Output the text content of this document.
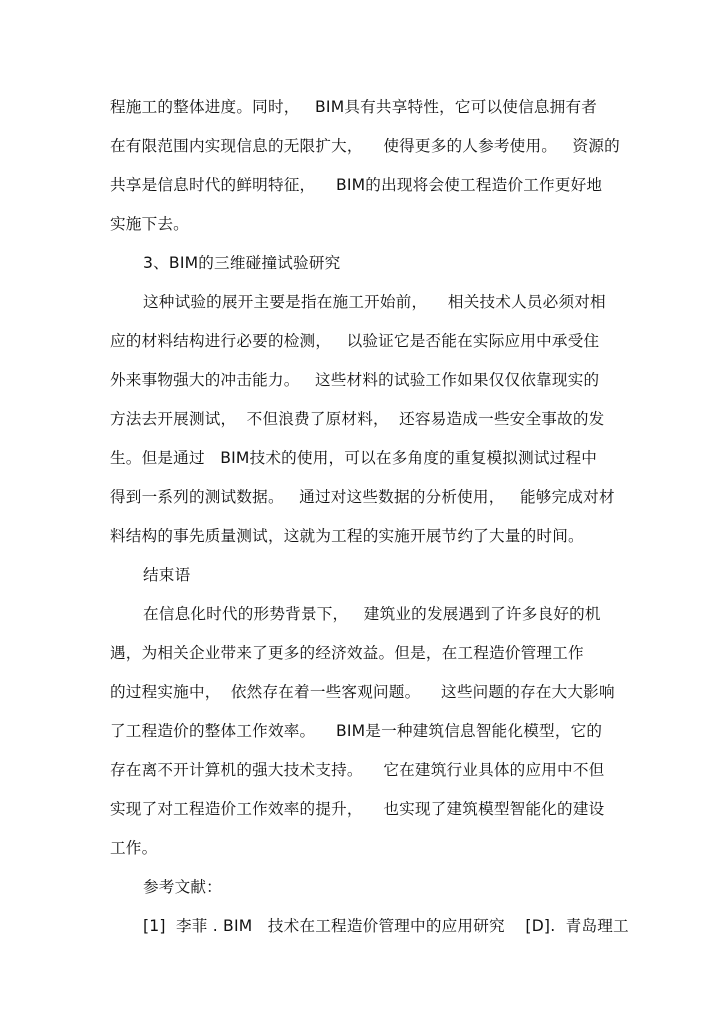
程施工的整体进度。同时，   BIM具有共享特性，它可以使信息拥有者
在有限范围内实现信息的无限扩大，    使得更多的人参考使用。   资源的
共享是信息时代的鲜明特征，    BIM的出现将会使工程造价工作更好地
实施下去。
3、BIM的三维碰撞试验研究
这种试验的展开主要是指在施工开始前，    相关技术人员必须对相
应的材料结构进行必要的检测，   以验证它是否能在实际应用中承受住
外来事物强大的冲击能力。   这些材料的试验工作如果仅仅依靠现实的
方法去开展测试，  不但浪费了原材料，  还容易造成一些安全事故的发
生。但是通过   BIM技术的使用，可以在多角度的重复模拟测试过程中
得到一系列的测试数据。   通过对这些数据的分析使用，   能够完成对材
料结构的事先质量测试，这就为工程的实施开展节约了大量的时间。
结束语
在信息化时代的形势背景下，   建筑业的发展遇到了许多良好的机
遇，为相关企业带来了更多的经济效益。但是，在工程造价管理工作
的过程实施中，  依然存在着一些客观问题。    这些问题的存在大大影响
了工程造价的整体工作效率。    BIM是一种建筑信息智能化模型，它的
存在离不开计算机的强大技术支持。    它在建筑行业具体的应用中不但
实现了对工程造价工作效率的提升，    也实现了建筑模型智能化的建设
工作。
参考文献：
[1]  李菲 . BIM   技术在工程造价管理中的应用研究    [D].  青岛理工
